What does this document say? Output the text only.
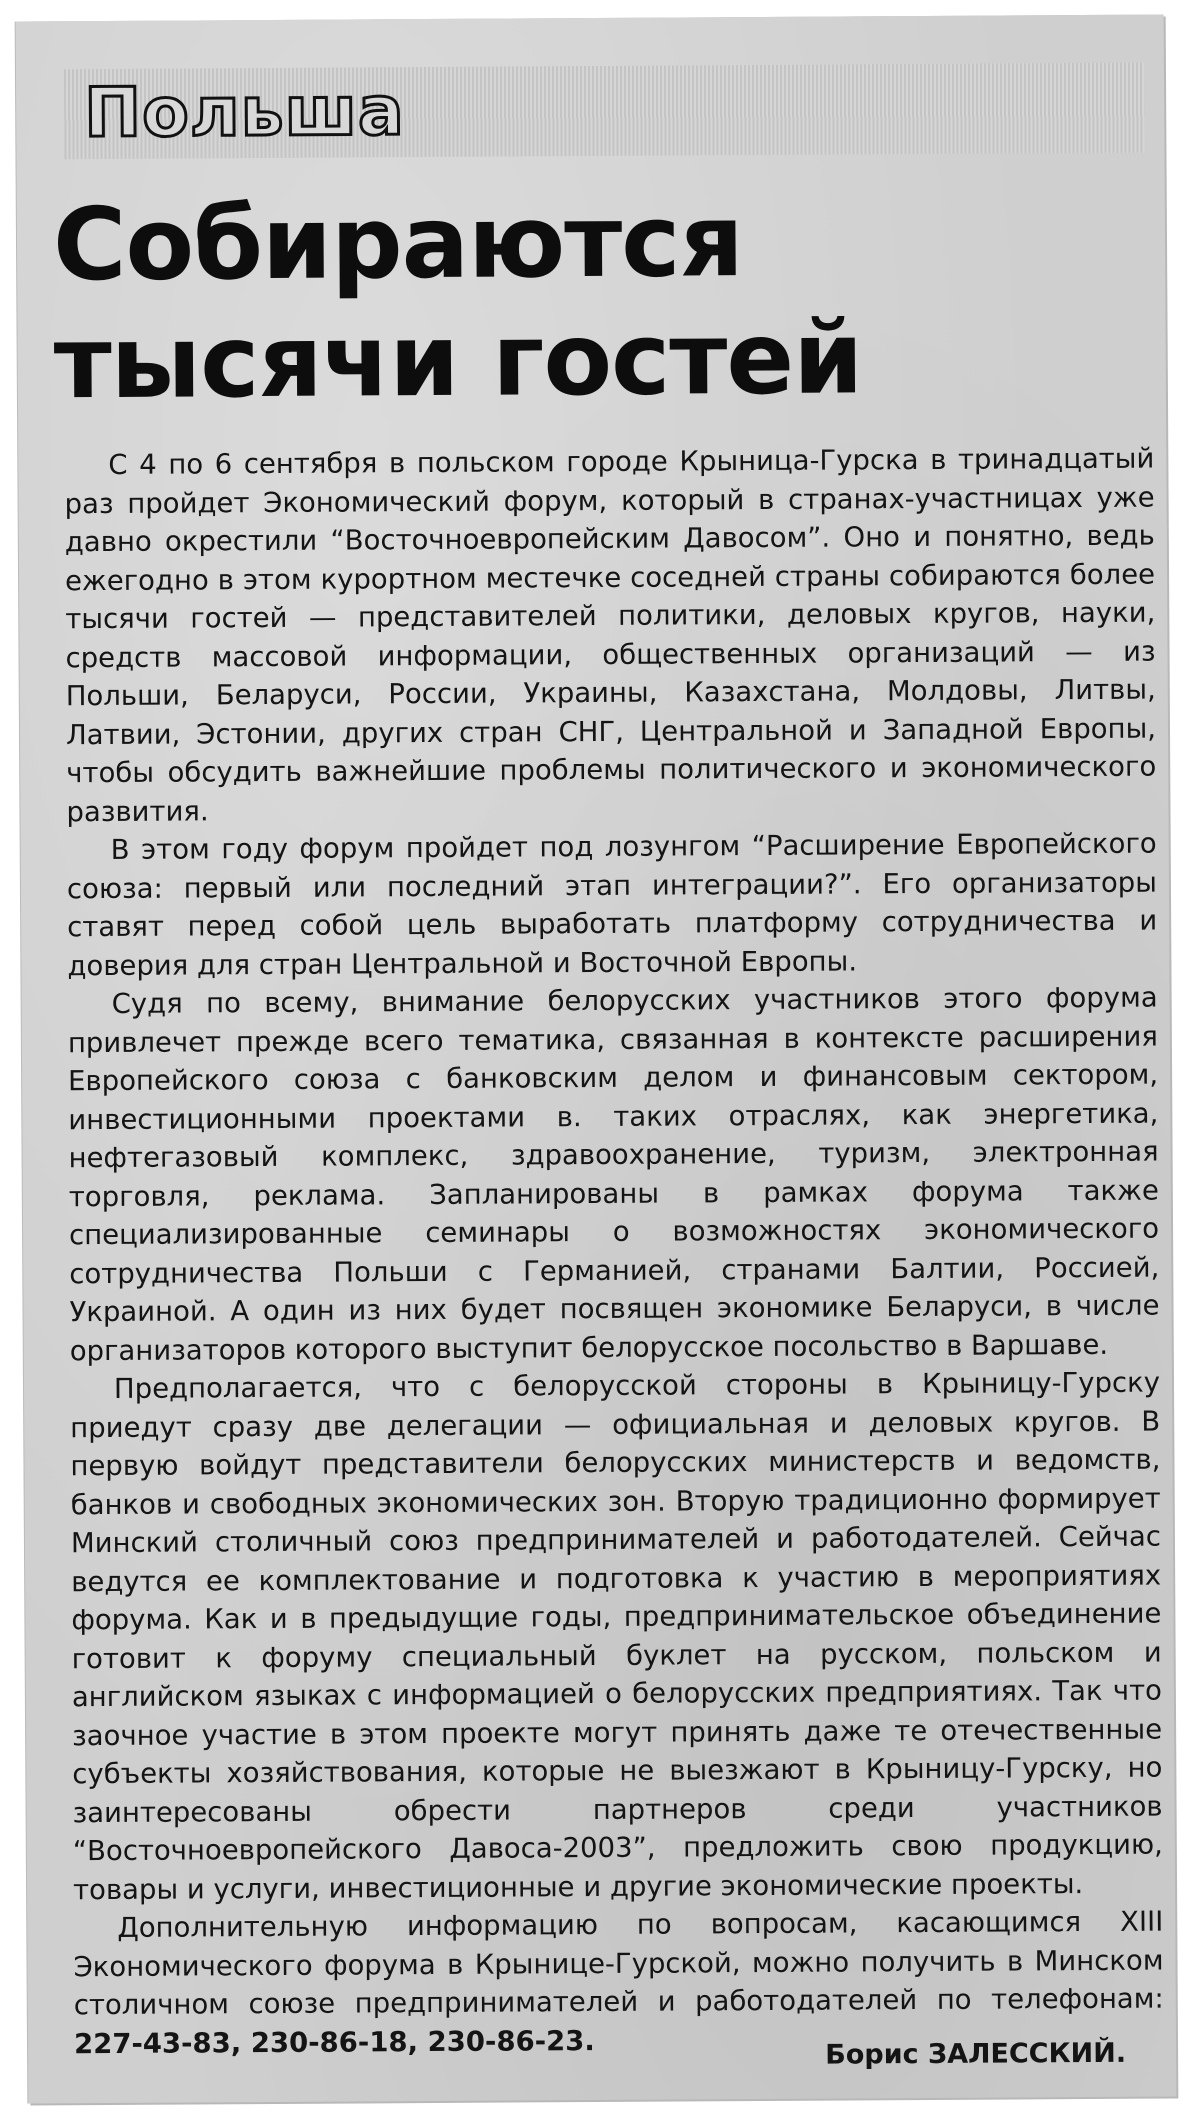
Польша
Собираются
тысячи гостей

С 4 по 6 сентября в польском городе Крыница-Гурска в тринадцатый раз пройдет Экономический форум, который в странах-участницах уже давно окрестили “Восточноевропейским Давосом”. Оно и понятно, ведь ежегодно в этом курортном местечке соседней страны собираются более тысячи гостей — представителей политики, деловых кругов, науки, средств массовой информации, общественных организаций — из Польши, Беларуси, России, Украины, Казахстана, Молдовы, Литвы, Латвии, Эстонии, других стран СНГ, Центральной и Западной Европы, чтобы обсудить важнейшие проблемы политического и экономического развития.

В этом году форум пройдет под лозунгом “Расширение Европейского союза: первый или последний этап интеграции?”. Его организаторы ставят перед собой цель выработать платформу сотрудничества и доверия для стран Центральной и Восточной Европы.

Судя по всему, внимание белорусских участников этого форума привлечет прежде всего тематика, связанная в контексте расширения Европейского союза с банковским делом и финансовым сектором, инвестиционными проектами в. таких отраслях, как энергетика, нефтегазовый комплекс, здравоохранение, туризм, электронная торговля, реклама. Запланированы в рамках форума также специализированные семинары о возможностях экономического сотрудничества Польши с Германией, странами Балтии, Россией, Украиной. А один из них будет посвящен экономике Беларуси, в числе организаторов которого выступит белорусское посольство в Варшаве.

Предполагается, что с белорусской стороны в Крыницу-Гурску приедут сразу две делегации — официальная и деловых кругов. В первую войдут представители белорусских министерств и ведомств, банков и свободных экономических зон. Вторую традиционно формирует Минский столичный союз предпринимателей и работодателей. Сейчас ведутся ее комплектование и подготовка к участию в мероприятиях форума. Как и в предыдущие годы, предпринимательское объединение готовит к форуму специальный буклет на русском, польском и английском языках с информацией о белорусских предприятиях. Так что заочное участие в этом проекте могут принять даже те отечественные субъекты хозяйствования, которые не выезжают в Крыницу-Гурску, но заинтересованы обрести партнеров среди участников “Восточноевропейского Давоса-2003”, предложить свою продукцию, товары и услуги, инвестиционные и другие экономические проекты.

Дополнительную информацию по вопросам, касающимся XIII Экономического форума в Крынице-Гурской, можно получить в Минском столичном союзе предпринимателей и работодателей по телефонам: 227-43-83, 230-86-18, 230-86-23.	Борис ЗАЛЕССКИЙ.
